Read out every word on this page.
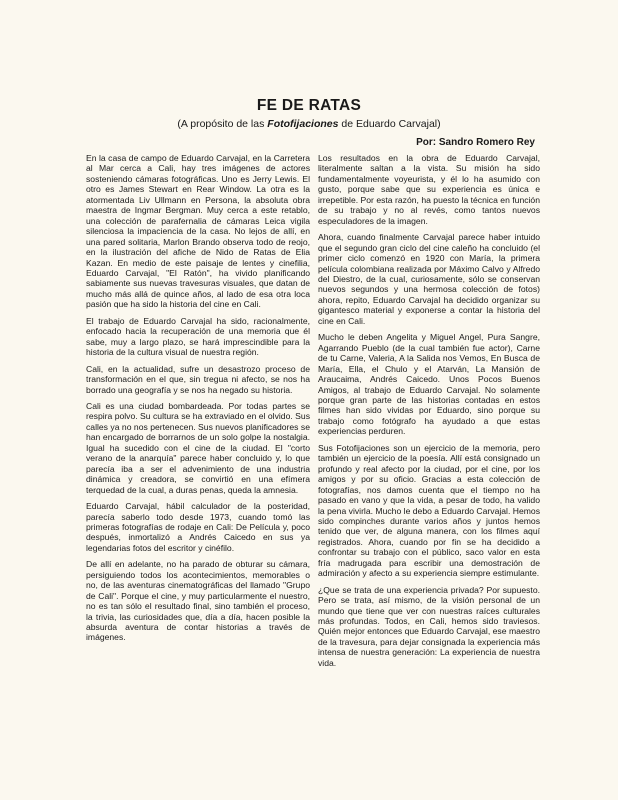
FE DE RATAS
(A propósito de las Fotofijaciones de Eduardo Carvajal)
Por: Sandro Romero Rey

En la casa de campo de Eduardo Carvajal, en la Carretera al Mar cerca a Cali, hay tres imágenes de actores sosteniendo cámaras fotográficas. Uno es Jerry Lewis. El otro es James Stewart en Rear Window. La otra es la atormentada Liv Ullmann en Persona, la absoluta obra maestra de Ingmar Bergman. Muy cerca a este retablo, una colección de parafernalia de cámaras Leica vigila silenciosa la impaciencia de la casa. No lejos de allí, en una pared solitaria, Marlon Brando observa todo de reojo, en la ilustración del afiche de Nido de Ratas de Elia Kazan. En medio de este paisaje de lentes y cinefilia, Eduardo Carvajal, "El Ratón", ha vivido planificando sabiamente sus nuevas travesuras visuales, que datan de mucho más allá de quince años, al lado de esa otra loca pasión que ha sido la historia del cine en Cali.

El trabajo de Eduardo Carvajal ha sido, racionalmente, enfocado hacia la recuperación de una memoria que él sabe, muy a largo plazo, se hará imprescindible para la historia de la cultura visual de nuestra región.

Cali, en la actualidad, sufre un desastrozo proceso de transformación en el que, sin tregua ni afecto, se nos ha borrado una geografía y se nos ha negado su historia.

Cali es una ciudad bombardeada. Por todas partes se respira polvo. Su cultura se ha extraviado en el olvido. Sus calles ya no nos pertenecen. Sus nuevos planificadores se han encargado de borrarnos de un solo golpe la nostalgia. Igual ha sucedido con el cine de la ciudad. El "corto verano de la anarquía" parece haber concluido y, lo que parecía iba a ser el advenimiento de una industria dinámica y creadora, se convirtió en una efímera terquedad de la cual, a duras penas, queda la amnesia.

Eduardo Carvajal, hábil calculador de la posteridad, parecía saberlo todo desde 1973, cuando tomó las primeras fotografías de rodaje en Cali: De Película y, poco después, inmortalizó a Andrés Caicedo en sus ya legendarias fotos del escritor y cinéfilo.

De allí en adelante, no ha parado de obturar su cámara, persiguiendo todos los acontecimientos, memorables o no, de las aventuras cinematográficas del llamado "Grupo de Cali". Porque el cine, y muy particularmente el nuestro, no es tan sólo el resultado final, sino también el proceso, la trivia, las curiosidades que, día a día, hacen posible la absurda aventura de contar historias a través de imágenes.

Los resultados en la obra de Eduardo Carvajal, literalmente saltan a la vista. Su misión ha sido fundamentalmente voyeurista, y él lo ha asumido con gusto, porque sabe que su experiencia es única e irrepetible. Por esta razón, ha puesto la técnica en función de su trabajo y no al revés, como tantos nuevos especuladores de la imagen.

Ahora, cuando finalmente Carvajal parece haber intuido que el segundo gran ciclo del cine caleño ha concluido (el primer ciclo comenzó en 1920 con María, la primera película colombiana realizada por Máximo Calvo y Alfredo del Diestro, de la cual, curiosamente, sólo se conservan nuevos segundos y una hermosa colección de fotos) ahora, repito, Eduardo Carvajal ha decidido organizar su gigantesco material y exponerse a contar la historia del cine en Cali.

Mucho le deben Angelita y Miguel Angel, Pura Sangre, Agarrando Pueblo (de la cual también fue actor), Carne de tu Carne, Valeria, A la Salida nos Vemos, En Busca de María, Ella, el Chulo y el Atarván, La Mansión de Araucaima, Andrés Caicedo. Unos Pocos Buenos Amigos, al trabajo de Eduardo Carvajal. No solamente porque gran parte de las historias contadas en estos filmes han sido vividas por Eduardo, sino porque su trabajo como fotógrafo ha ayudado a que estas experiencias perduren.

Sus Fotofijaciones son un ejercicio de la memoria, pero también un ejercicio de la poesía. Allí está consignado un profundo y real afecto por la ciudad, por el cine, por los amigos y por su oficio. Gracias a esta colección de fotografías, nos damos cuenta que el tiempo no ha pasado en vano y que la vida, a pesar de todo, ha valido la pena vivirla. Mucho le debo a Eduardo Carvajal. Hemos sido compinches durante varios años y juntos hemos tenido que ver, de alguna manera, con los filmes aquí registrados. Ahora, cuando por fin se ha decidido a confrontar su trabajo con el público, saco valor en esta fría madrugada para escribir una demostración de admiración y afecto a su experiencia siempre estimulante.

¿Que se trata de una experiencia privada? Por supuesto. Pero se trata, así mismo, de la visión personal de un mundo que tiene que ver con nuestras raíces culturales más profundas. Todos, en Cali, hemos sido traviesos. Quién mejor entonces que Eduardo Carvajal, ese maestro de la travesura, para dejar consignada la experiencia más intensa de nuestra generación: La experiencia de nuestra vida.
